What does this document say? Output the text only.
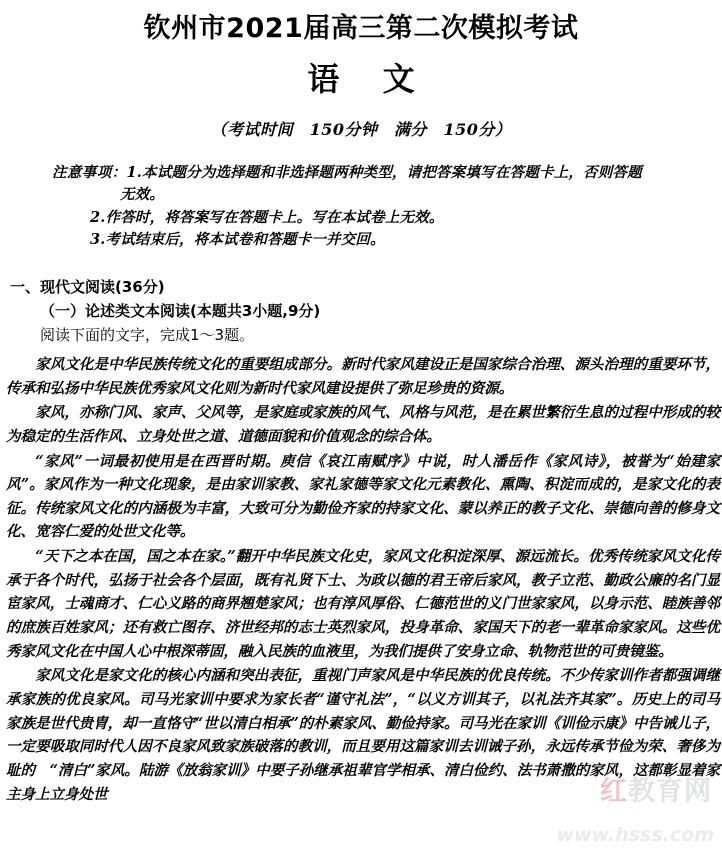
红教育网
www.hsss.com
钦州市2021届高三第二次模拟考试
语 文
（考试时间　150分钟　满分　150分）
注意事项：1.本试题分为选择题和非选择题两种类型，请把答案填写在答题卡上，否则答题
无效。
2.作答时，将答案写在答题卡上。写在本试卷上无效。
3.考试结束后，将本试卷和答题卡一并交回。
一、现代文阅读(36分)
（一）论述类文本阅读(本题共3小题,9分)
阅读下面的文字，完成1～3题。

家风文化是中华民族传统文化的重要组成部分。新时代家风建设正是国家综合治理、源头治理的重要环节，传承和弘扬中华民族优秀家风文化则为新时代家风建设提供了弥足珍贵的资源。

家风，亦称门风、家声、父风等，是家庭或家族的风气、风格与风范，是在累世繁衍生息的过程中形成的较为稳定的生活作风、立身处世之道、道德面貌和价值观念的综合体。

“家风”一词最初使用是在西晋时期。庾信《哀江南赋序》中说，时人潘岳作《家风诗》，被誉为“始建家风”。家风作为一种文化现象，是由家训家教、家礼家德等家文化元素教化、熏陶、积淀而成的，是家文化的表征。传统家风文化的内涵极为丰富，大致可分为勤俭齐家的持家文化、蒙以养正的教子文化、崇德向善的修身文化、宽容仁爱的处世文化等。

“天下之本在国，国之本在家。”翻开中华民族文化史，家风文化积淀深厚、源远流长。优秀传统家风文化传承于各个时代，弘扬于社会各个层面，既有礼贤下士、为政以德的君王帝后家风，教子立范、勤政公廉的名门显宦家风，士魂商才、仁心义路的商界翘楚家风；也有淳风厚俗、仁德范世的义门世家家风，以身示范、睦族善邻的庶族百姓家风；还有救亡图存、济世经邦的志士英烈家风，投身革命、家国天下的老一辈革命家家风。这些优秀家风文化在中国人心中根深蒂固，融入民族的血液里，为我们提供了安身立命、轨物范世的可贵镜鉴。

家风文化是家文化的核心内涵和突出表征，重视门声家风是中华民族的优良传统。不少传家训作者都强调继承家族的优良家风。司马光家训中要求为家长者“谨守礼法”，“以义方训其子，以礼法齐其家”。历史上的司马家族是世代贵胄，却一直恪守“世以清白相承”的朴素家风、勤俭持家。司马光在家训《训俭示康》中告诫儿子，一定要吸取同时代人因不良家风致家族破落的教训，而且要用这篇家训去训诫子孙，永远传承节俭为荣、奢侈为耻的　“清白”家风。陆游《放翁家训》中要子孙继承祖辈官学相承、清白俭约、法书萧撒的家风，这都彰显着家主身上立身处世
